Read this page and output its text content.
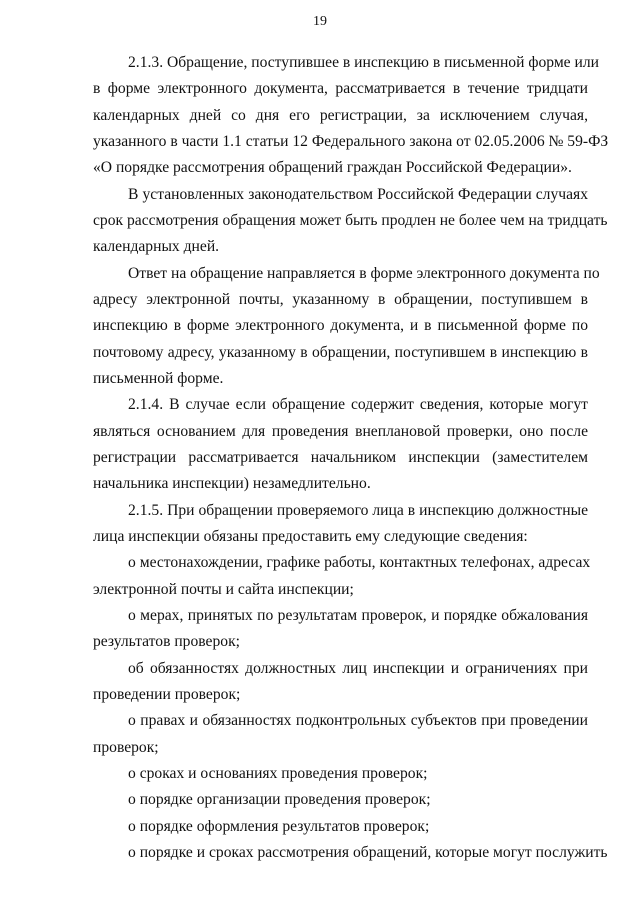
19
2.1.3. Обращение, поступившее в инспекцию в письменной форме или
в форме электронного документа, рассматривается в течение тридцати
календарных дней со дня его регистрации, за исключением случая,
указанного в части 1.1 статьи 12 Федерального закона от 02.05.2006 № 59-ФЗ
«О порядке рассмотрения обращений граждан Российской Федерации».
В установленных законодательством Российской Федерации случаях
срок рассмотрения обращения может быть продлен не более чем на тридцать
календарных дней.
Ответ на обращение направляется в форме электронного документа по
адресу электронной почты, указанному в обращении, поступившем в
инспекцию в форме электронного документа, и в письменной форме по
почтовому адресу, указанному в обращении, поступившем в инспекцию в
письменной форме.
2.1.4. В случае если обращение содержит сведения, которые могут
являться основанием для проведения внеплановой проверки, оно после
регистрации рассматривается начальником инспекции (заместителем
начальника инспекции) незамедлительно.
2.1.5. При обращении проверяемого лица в инспекцию должностные
лица инспекции обязаны предоставить ему следующие сведения:
о местонахождении, графике работы, контактных телефонах, адресах
электронной почты и сайта инспекции;
о мерах, принятых по результатам проверок, и порядке обжалования
результатов проверок;
об обязанностях должностных лиц инспекции и ограничениях при
проведении проверок;
о правах и обязанностях подконтрольных субъектов при проведении
проверок;
о сроках и основаниях проведения проверок;
о порядке организации проведения проверок;
о порядке оформления результатов проверок;
о порядке и сроках рассмотрения обращений, которые могут послужить
